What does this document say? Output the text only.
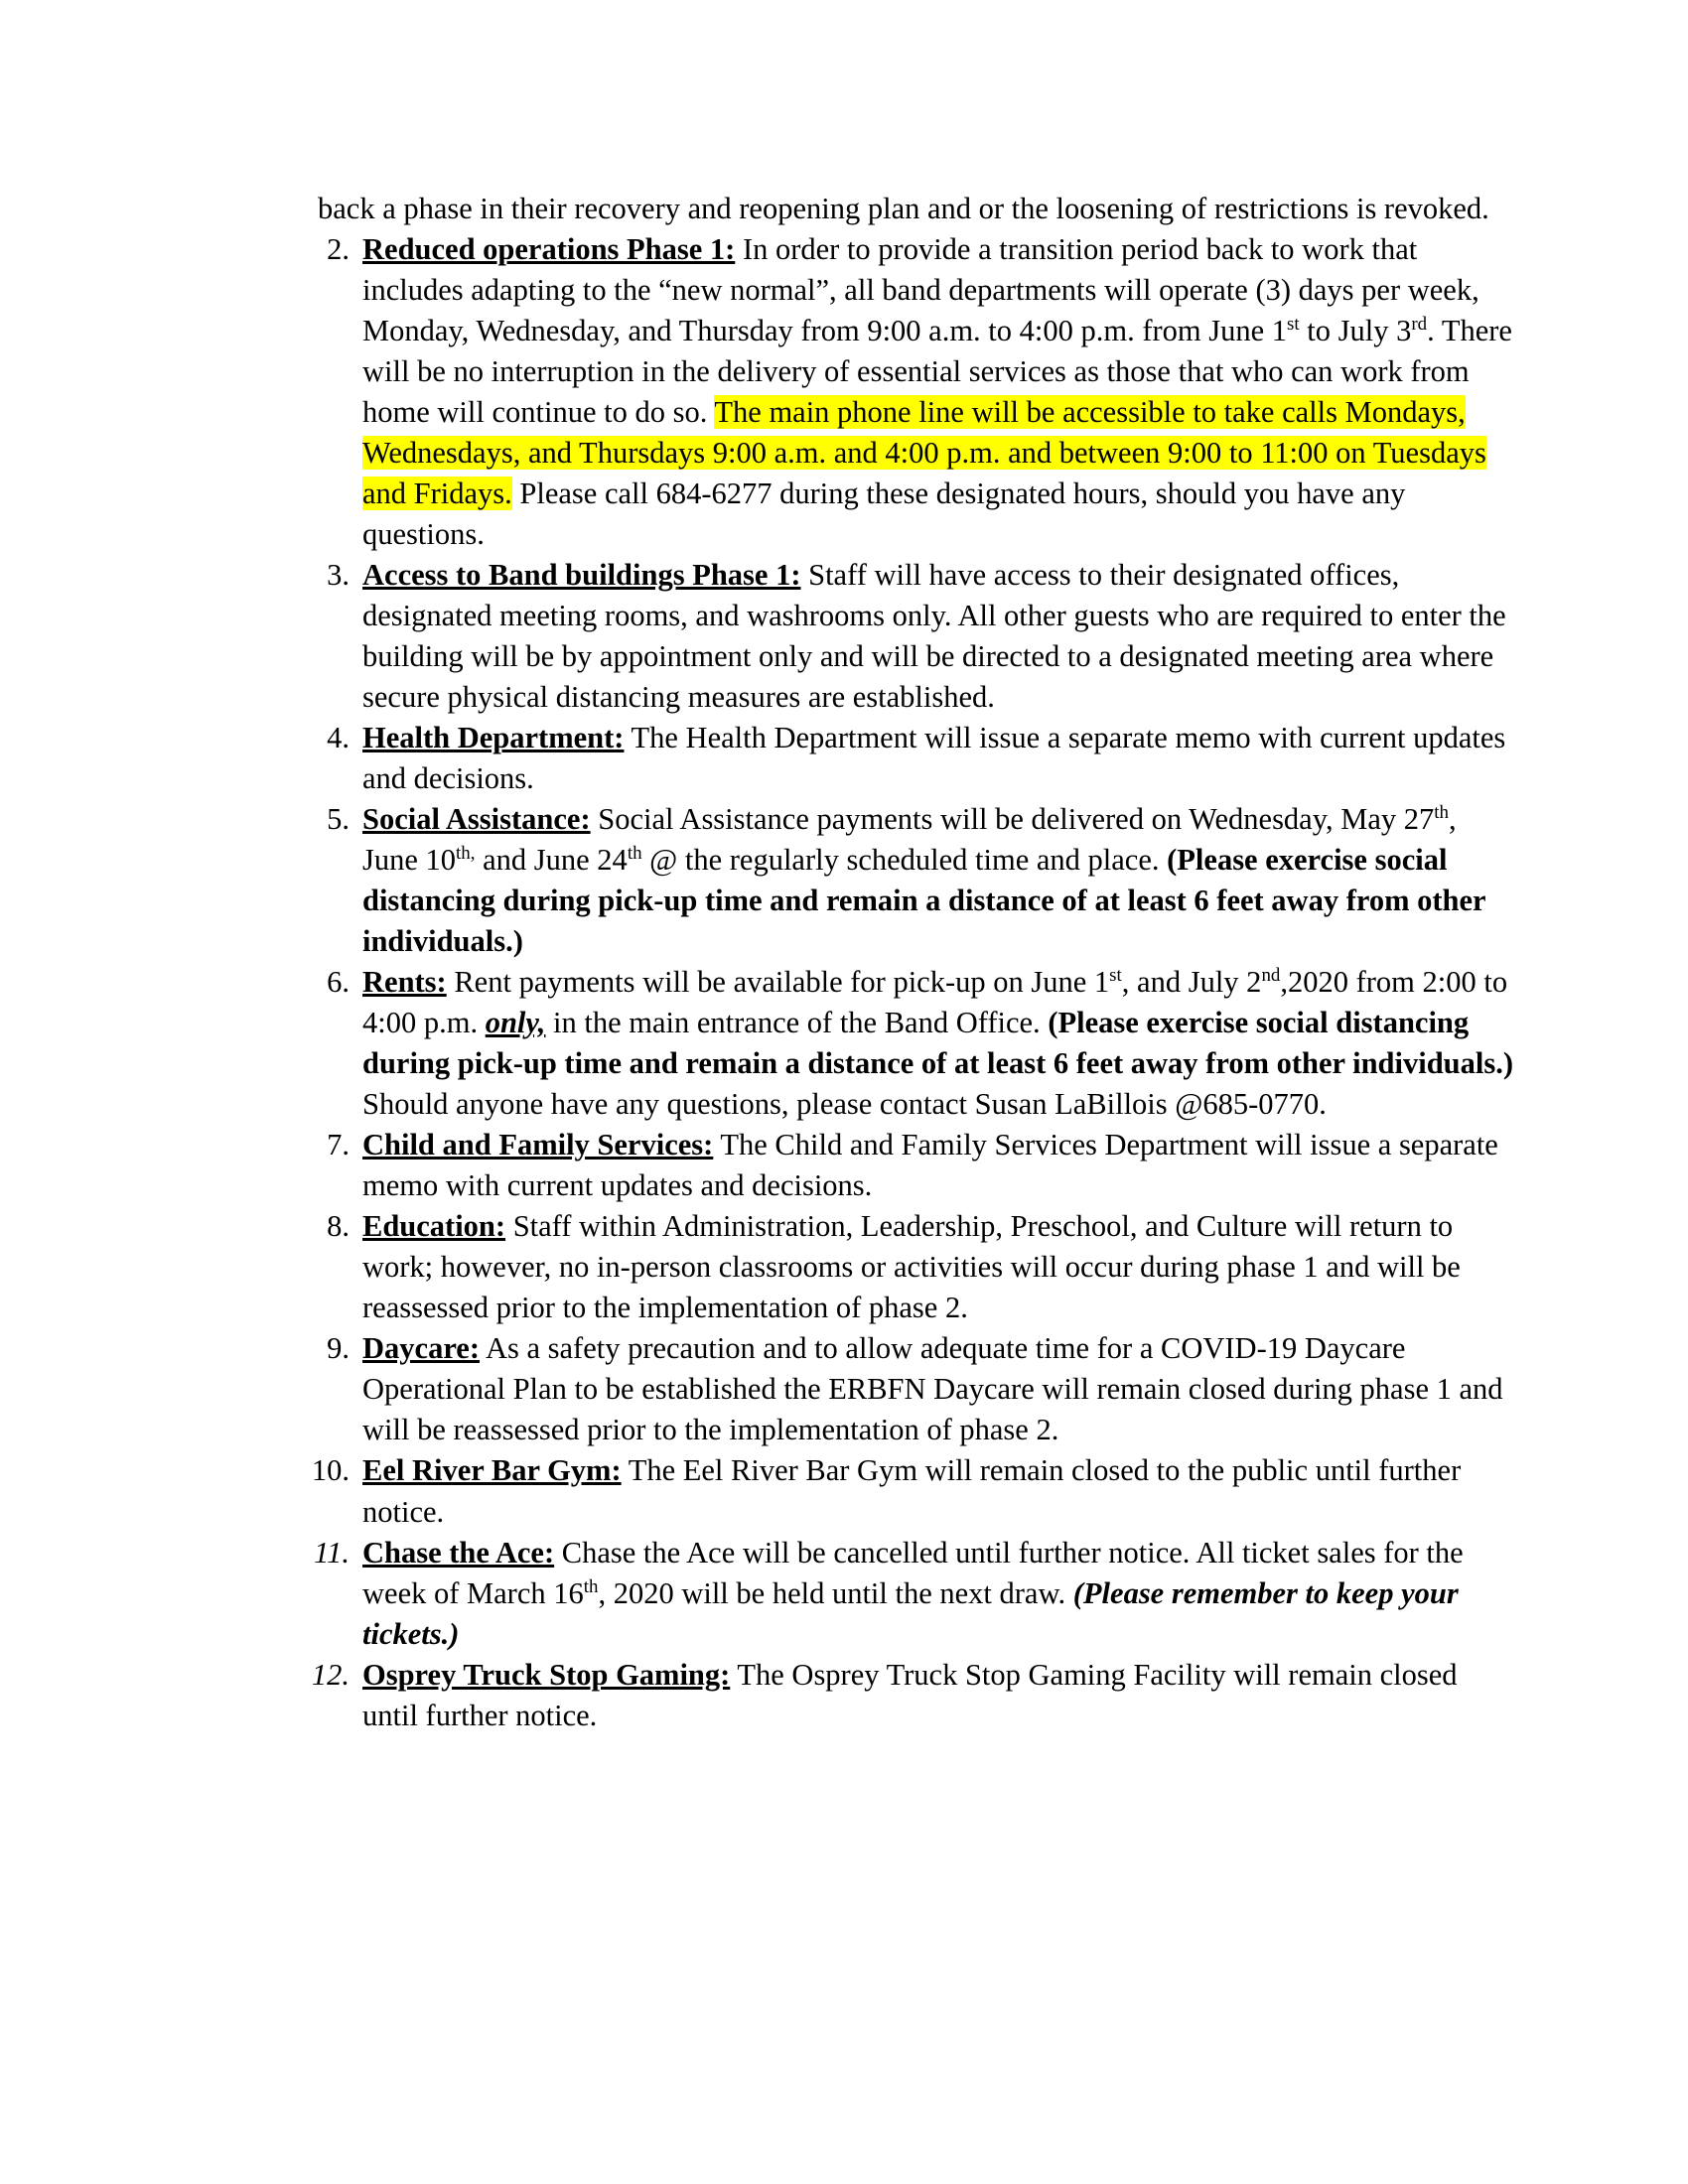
back a phase in their recovery and reopening plan and or the loosening of restrictions is revoked.

2. Reduced operations Phase 1: In order to provide a transition period back to work that includes adapting to the “new normal”, all band departments will operate (3) days per week, Monday, Wednesday, and Thursday from 9:00 a.m. to 4:00 p.m. from June 1st to July 3rd. There will be no interruption in the delivery of essential services as those that who can work from home will continue to do so. The main phone line will be accessible to take calls Mondays, Wednesdays, and Thursdays 9:00 a.m. and 4:00 p.m. and between 9:00 to 11:00 on Tuesdays and Fridays. Please call 684-6277 during these designated hours, should you have any questions.
3. Access to Band buildings Phase 1: Staff will have access to their designated offices, designated meeting rooms, and washrooms only. All other guests who are required to enter the building will be by appointment only and will be directed to a designated meeting area where secure physical distancing measures are established.
4. Health Department: The Health Department will issue a separate memo with current updates and decisions.
5. Social Assistance: Social Assistance payments will be delivered on Wednesday, May 27th, June $10^{th,}$ and June 24th @ the regularly scheduled time and place. (Please exercise social distancing during pick-up time and remain a distance of at least 6 feet away from other individuals.)
6. Rents: Rent payments will be available for pick-up on June 1st, and July 2nd,2020 from 2:00 to 4:00 p.m. only, in the main entrance of the Band Office. (Please exercise social distancing during pick-up time and remain a distance of at least 6 feet away from other individuals.) Should anyone have any questions, please contact Susan LaBillois @685-0770.
7. Child and Family Services: The Child and Family Services Department will issue a separate memo with current updates and decisions.
8. Education: Staff within Administration, Leadership, Preschool, and Culture will return to work; however, no in-person classrooms or activities will occur during phase 1 and will be reassessed prior to the implementation of phase 2.
9. Daycare: As a safety precaution and to allow adequate time for a COVID-19 Daycare Operational Plan to be established the ERBFN Daycare will remain closed during phase 1 and will be reassessed prior to the implementation of phase 2.
10. Eel River Bar Gym: The Eel River Bar Gym will remain closed to the public until further notice.
11. Chase the Ace: Chase the Ace will be cancelled until further notice. All ticket sales for the week of March 16th, 2020 will be held until the next draw. (Please remember to keep your tickets.)
12. Osprey Truck Stop Gaming: The Osprey Truck Stop Gaming Facility will remain closed until further notice.
